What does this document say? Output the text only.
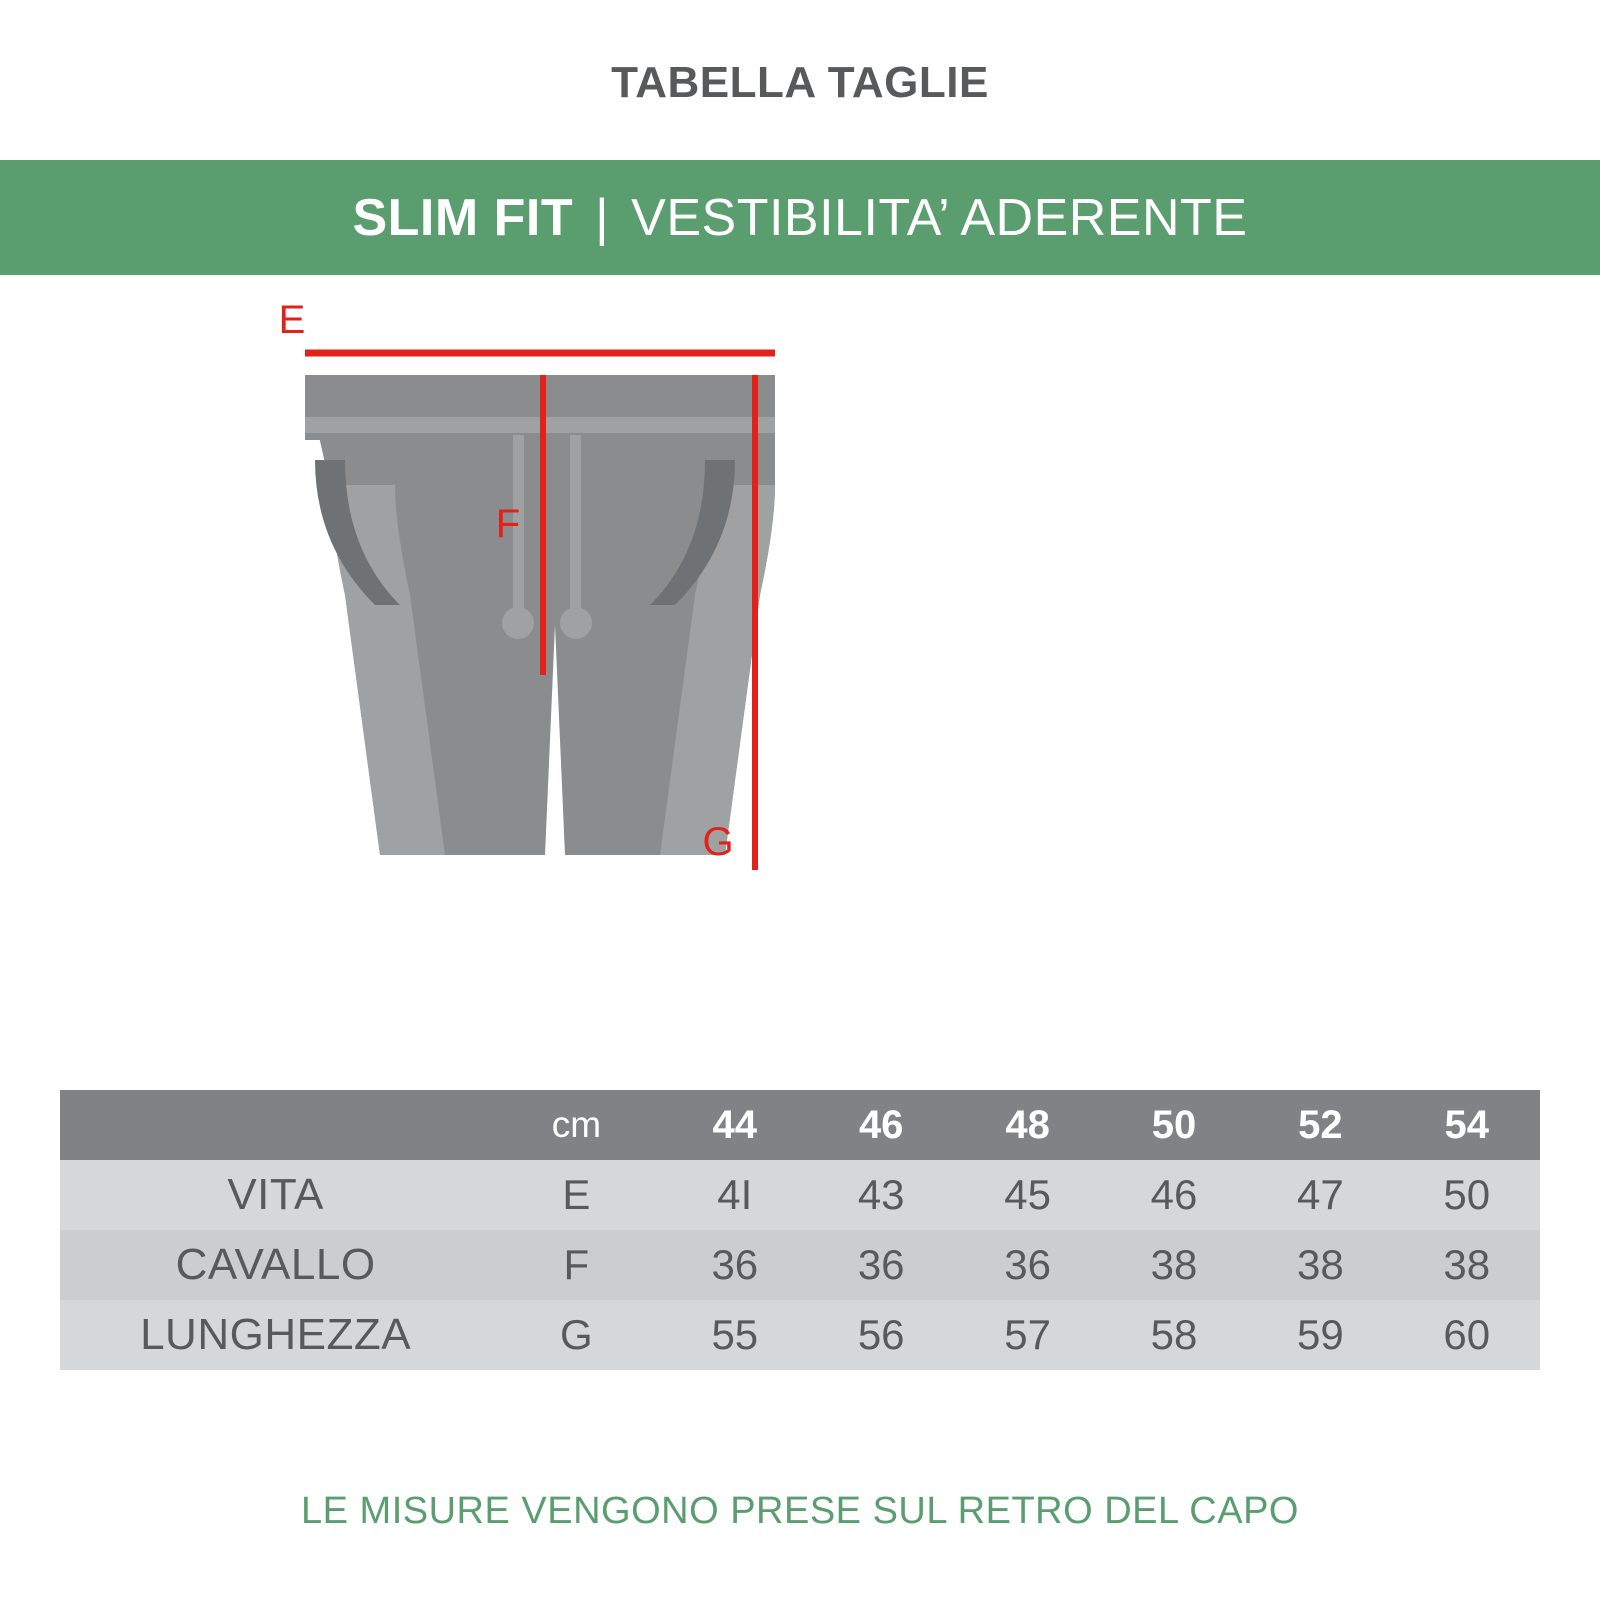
TABELLA TAGLIE
SLIM FIT | VESTIBILITA’ ADERENTE
E
F
G
	cm	44	46	48	50	52	54
VITA	E	4I	43	45	46	47	50
CAVALLO	F	36	36	36	38	38	38
LUNGHEZZA	G	55	56	57	58	59	60
LE MISURE VENGONO PRESE SUL RETRO DEL CAPO
